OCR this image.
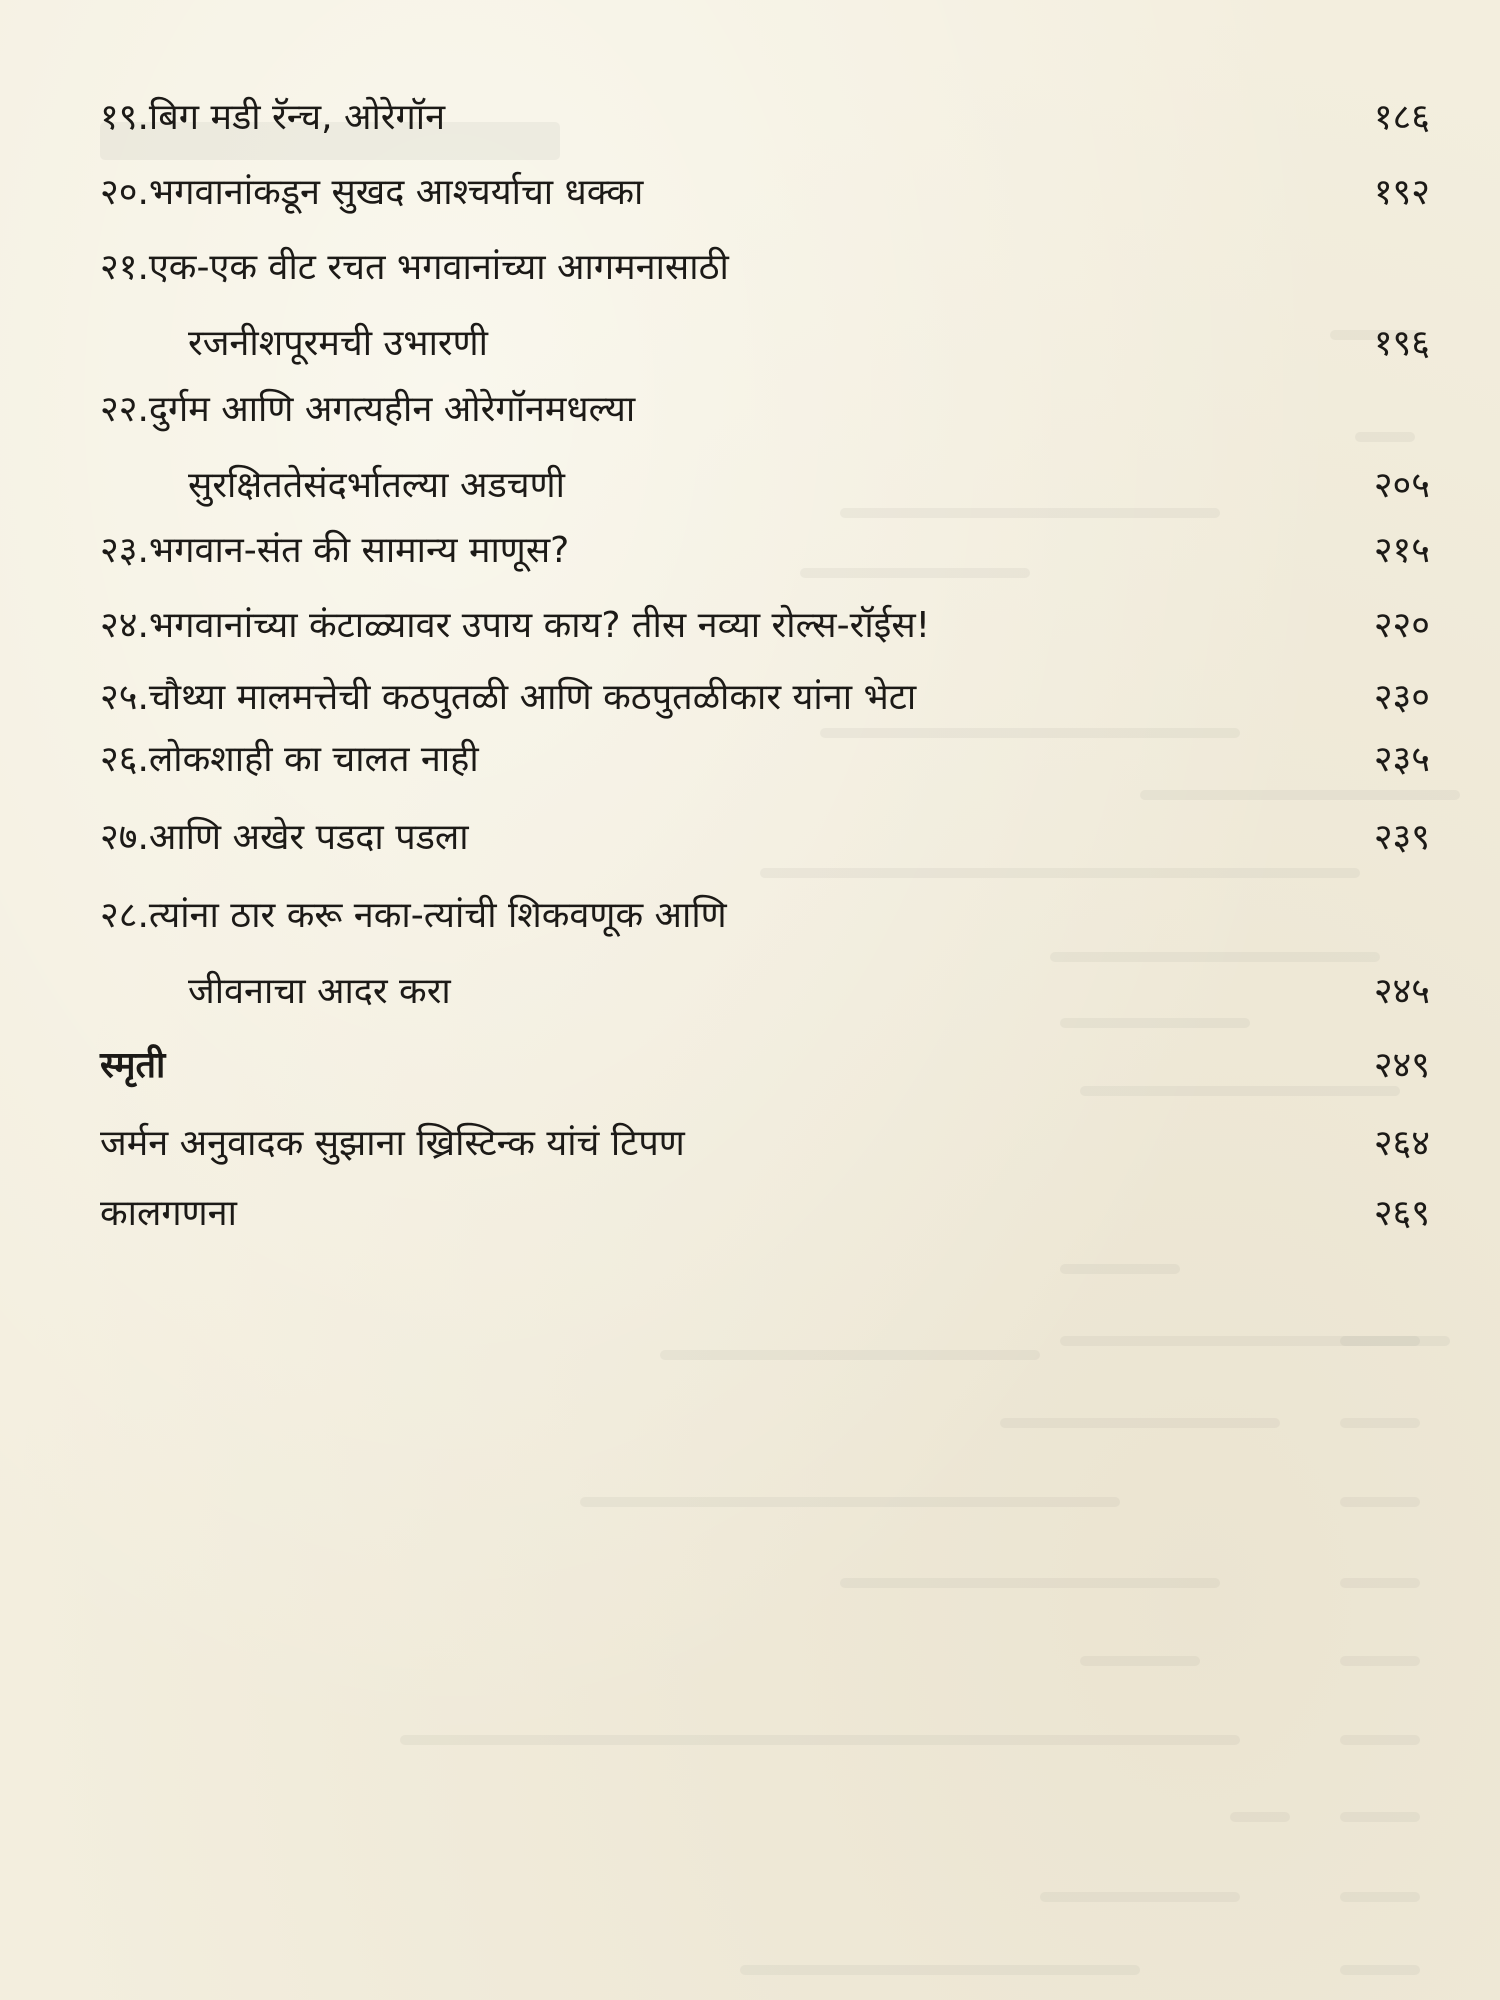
१९.बिग मडी रॅन्च, ओरेगॉन	१८६
२०.भगवानांकडून सुखद आश्चर्याचा धक्का	१९२
२१.एक-एक वीट रचत भगवानांच्या आगमनासाठी
रजनीशपूरमची उभारणी	१९६
२२.दुर्गम आणि अगत्यहीन ओरेगॉनमधल्या
सुरक्षिततेसंदर्भातल्या अडचणी	२०५
२३.भगवान-संत की सामान्य माणूस?	२१५
२४.भगवानांच्या कंटाळ्यावर उपाय काय? तीस नव्या रोल्स-रॉईस!	२२०
२५.चौथ्या मालमत्तेची कठपुतळी आणि कठपुतळीकार यांना भेटा	२३०
२६.लोकशाही का चालत नाही	२३५
२७.आणि अखेर पडदा पडला	२३९
२८.त्यांना ठार करू नका-त्यांची शिकवणूक आणि
जीवनाचा आदर करा	२४५
स्मृती	२४९
जर्मन अनुवादक सुझाना ख्रिस्टिन्क यांचं टिपण	२६४
कालगणना	२६९
